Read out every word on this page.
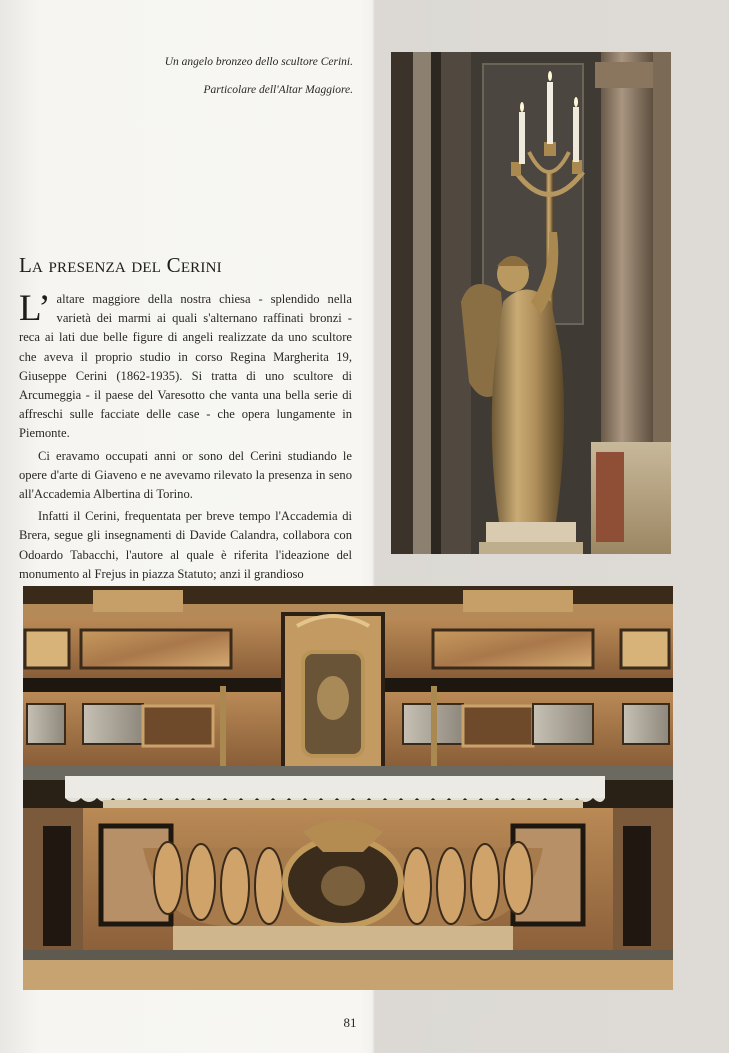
Un angelo bronzeo dello scultore Cerini.

Particolare dell'Altar Maggiore.

La presenza del Cerini

L’ altare maggiore della nostra chiesa - splendido nella varietà dei marmi ai quali s'alternano raffinati bronzi - reca ai lati due belle figure di angeli realizzate da uno scultore che aveva il proprio studio in corso Regina Margherita 19, Giuseppe Cerini (1862-1935). Si tratta di uno scultore di Arcumeggia - il paese del Varesotto che vanta una bella serie di affreschi sulle facciate delle case - che opera lungamente in Piemonte.

Ci eravamo occupati anni or sono del Cerini studiando le opere d'arte di Giaveno e ne avevamo rilevato la presenza in seno all'Accademia Albertina di Torino.

Infatti il Cerini, frequentata per breve tempo l'Accademia di Brera, segue gli insegnamenti di Davide Calandra, collabora con Odoardo Tabacchi, l'autore al quale è riferita l'ideazione del monumento al Frejus in piazza Statuto; anzi il grandioso

81
